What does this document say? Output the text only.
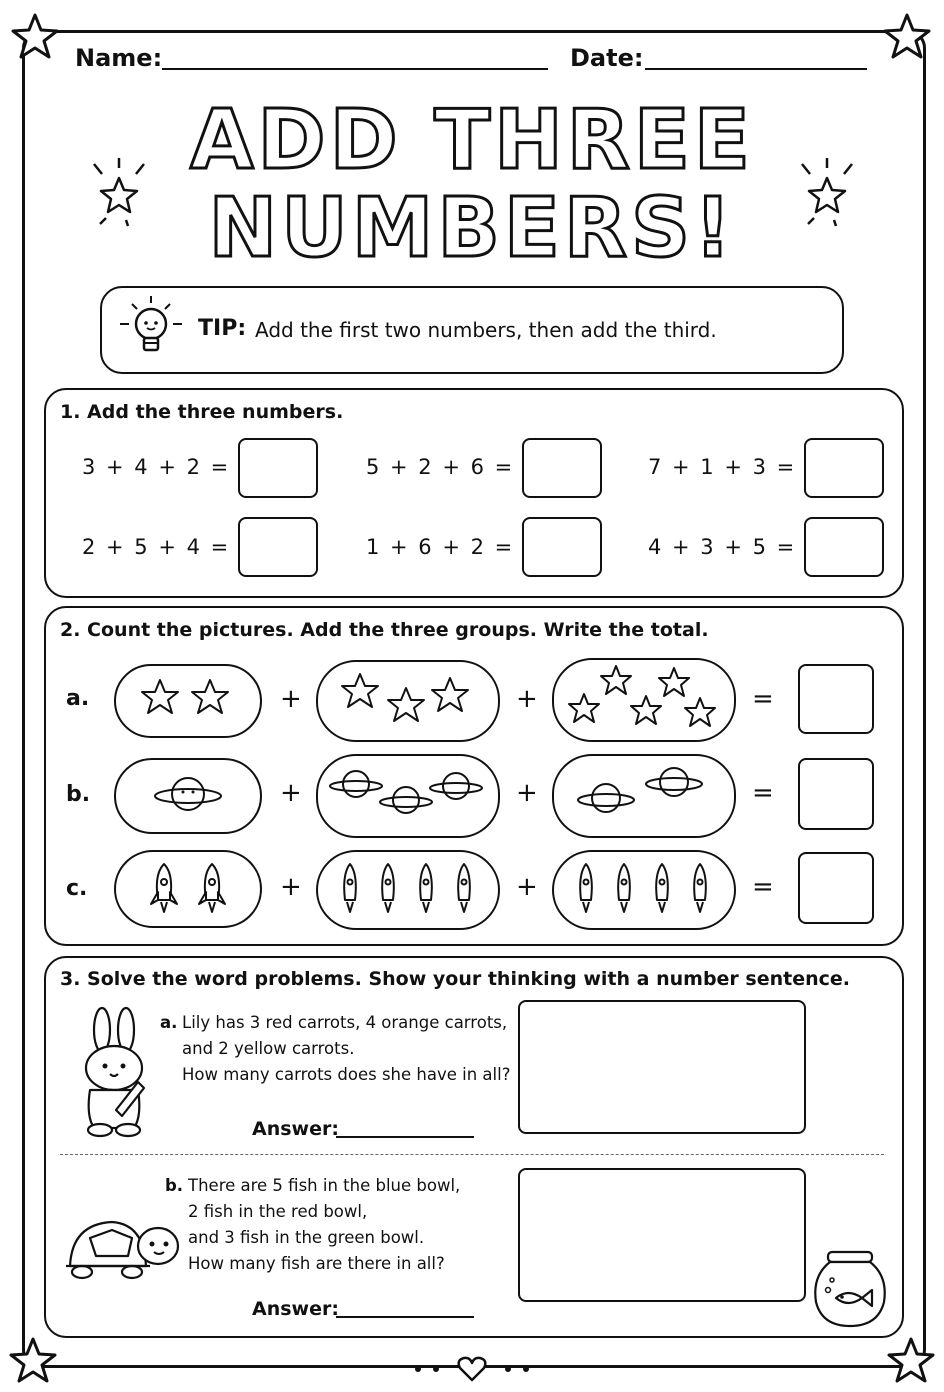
Name:	Date:
ADD THREE
NUMBERS!
TIP: Add the first two numbers, then add the third.
1. Add the three numbers.
3 + 4 + 2 =	5 + 2 + 6 =	7 + 1 + 3 =
2 + 5 + 4 =	1 + 6 + 2 =	4 + 3 + 5 =
2. Count the pictures. Add the three groups. Write the total.
a.	+	+	=
b.	+	+	=
c.	+	+	=
3. Solve the word problems. Show your thinking with a number sentence.
a. Lily has 3 red carrots, 4 orange carrots,
and 2 yellow carrots.
How many carrots does she have in all?
Answer:
b. There are 5 fish in the blue bowl,
2 fish in the red bowl,
and 3 fish in the green bowl.
How many fish are there in all?
Answer:
